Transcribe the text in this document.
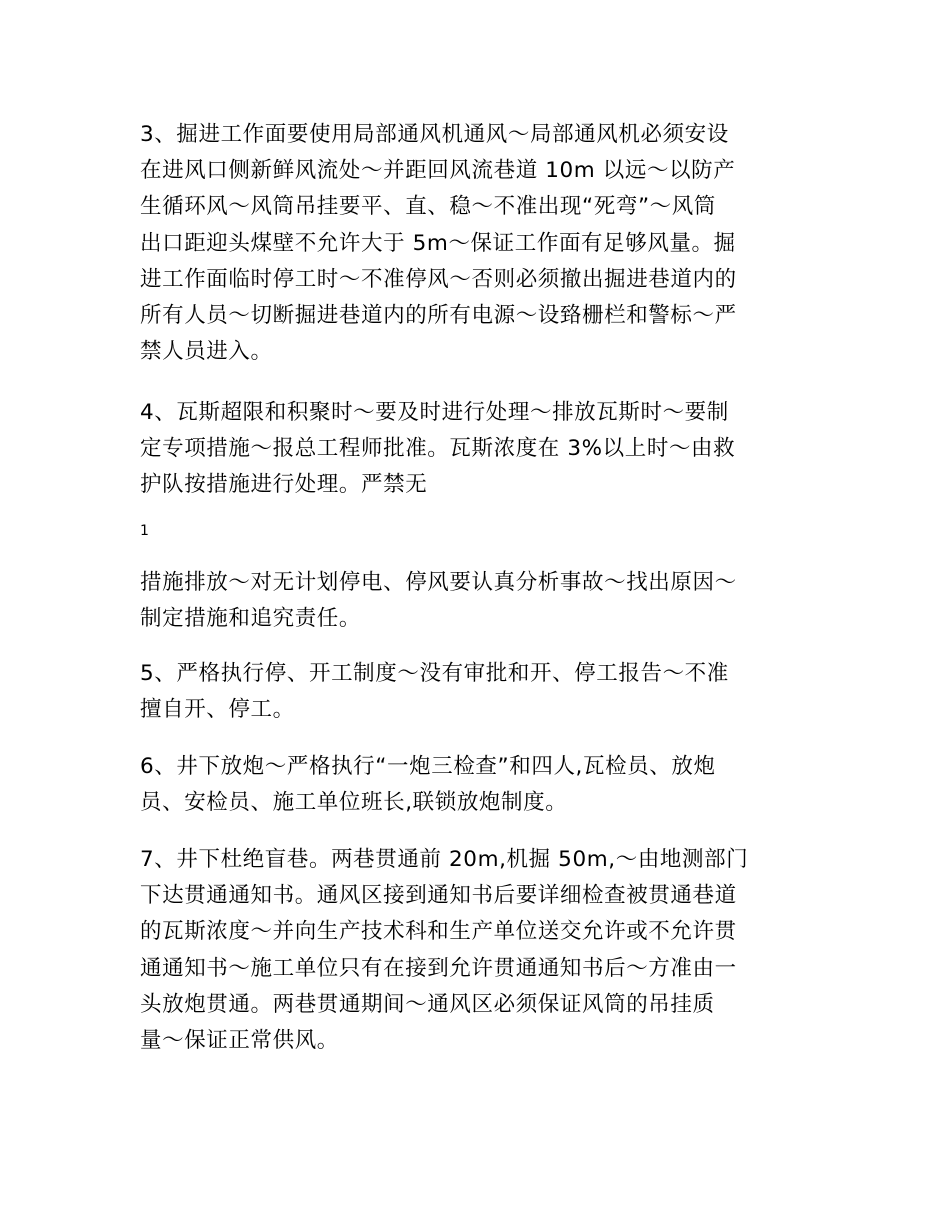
3、掘进工作面要使用局部通风机通风～局部通风机必须安设
在进风口侧新鲜风流处～并距回风流巷道 10m 以远～以防产
生循环风～风筒吊挂要平、直、稳～不准出现“死弯”～风筒
出口距迎头煤壁不允许大于 5m～保证工作面有足够风量。掘
进工作面临时停工时～不准停风～否则必须撤出掘进巷道内的
所有人员～切断掘进巷道内的所有电源～设臵栅栏和警标～严
禁人员进入。

4、瓦斯超限和积聚时～要及时进行处理～排放瓦斯时～要制
定专项措施～报总工程师批准。瓦斯浓度在 3%以上时～由救
护队按措施进行处理。严禁无

1

措施排放～对无计划停电、停风要认真分析事故～找出原因～
制定措施和追究责任。

5、严格执行停、开工制度～没有审批和开、停工报告～不准
擅自开、停工。

6、井下放炮～严格执行“一炮三检查”和四人,瓦检员、放炮
员、安检员、施工单位班长,联锁放炮制度。

7、井下杜绝盲巷。两巷贯通前 20m,机掘 50m,～由地测部门
下达贯通通知书。通风区接到通知书后要详细检查被贯通巷道
的瓦斯浓度～并向生产技术科和生产单位送交允许或不允许贯
通通知书～施工单位只有在接到允许贯通通知书后～方准由一
头放炮贯通。两巷贯通期间～通风区必须保证风筒的吊挂质
量～保证正常供风。
